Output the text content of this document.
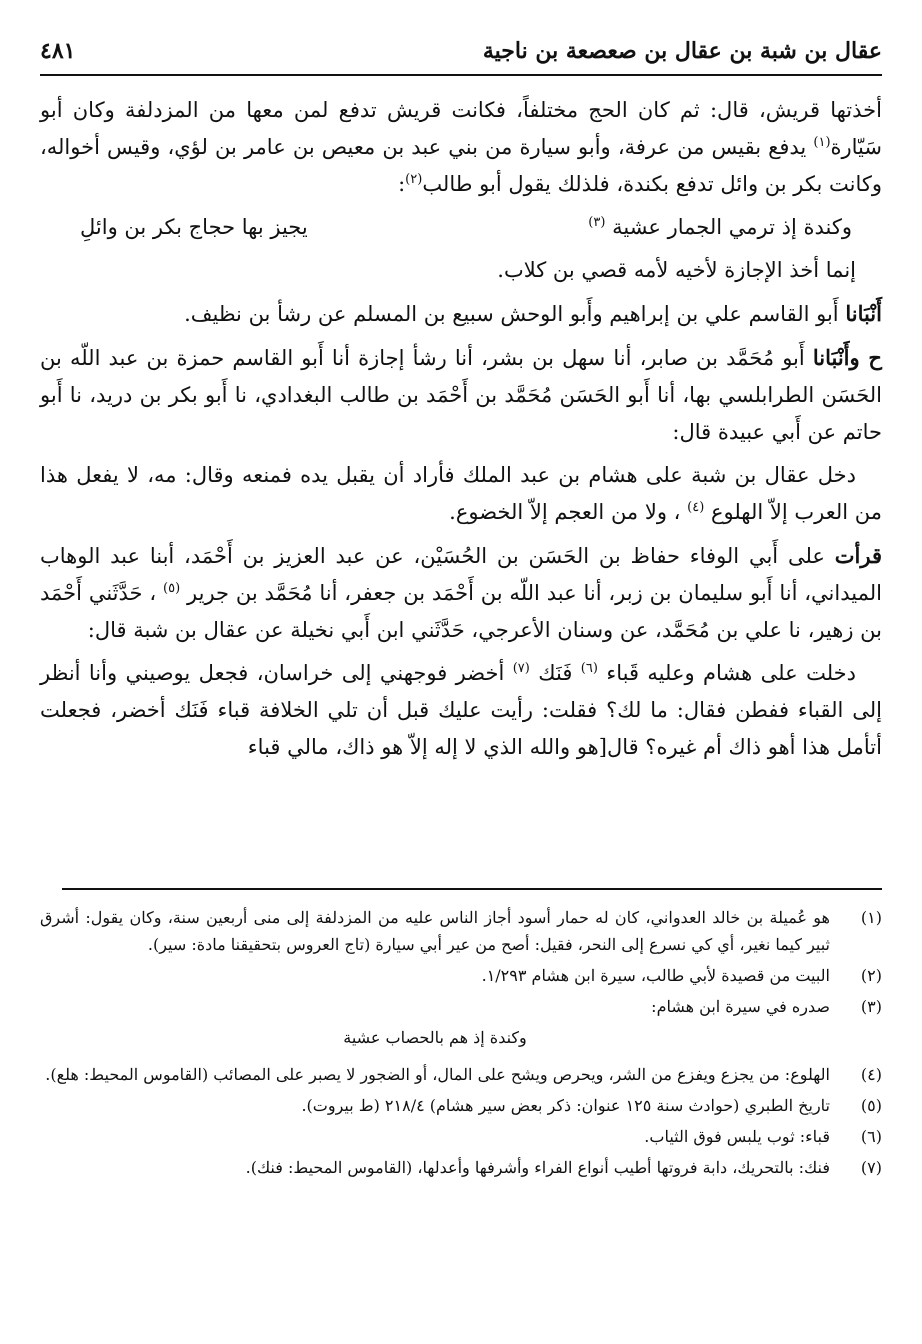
عقال بن شبة بن عقال بن صعصعة بن ناجية
٤٨١

أخذتها قريش، قال: ثم كان الحج مختلفاً، فكانت قريش تدفع لمن معها من المزدلفة وكان أبو سَيّارة$^{(١)}$ يدفع بقيس من عرفة، وأبو سيارة من بني عبد بن معيص بن عامر بن لؤي، وقيس أخواله، وكانت بكر بن وائل تدفع بكندة، فلذلك يقول أبو طالب$^{(٢)}$:

وكندة إذ ترمي الجمار عشية $^{(٣)}$
يجيز بها حجاج بكر بن وائلِ

إنما أخذ الإجازة لأخيه لأمه قصي بن كلاب.

أَنْبَانا أَبو القاسم علي بن إبراهيم وأَبو الوحش سبيع بن المسلم عن رشأ بن نظيف.

ح وأَنْبَانا أَبو مُحَمَّد بن صابر، أنا سهل بن بشر، أنا رشأ إجازة أنا أَبو القاسم حمزة بن عبد اللّه بن الحَسَن الطرابلسي بها، أنا أَبو الحَسَن مُحَمَّد بن أَحْمَد بن طالب البغدادي، نا أَبو بكر بن دريد، نا أَبو حاتم عن أَبي عبيدة قال:

دخل عقال بن شبة على هشام بن عبد الملك فأراد أن يقبل يده فمنعه وقال: مه، لا يفعل هذا من العرب إلاّ الهلوع $^{(٤)}$ ، ولا من العجم إلاّ الخضوع.

قرأت على أَبي الوفاء حفاظ بن الحَسَن بن الحُسَيْن، عن عبد العزيز بن أَحْمَد، أبنا عبد الوهاب الميداني، أنا أَبو سليمان بن زبر، أنا عبد اللّه بن أَحْمَد بن جعفر، أنا مُحَمَّد بن جرير $^{(٥)}$ ، حَدَّثَني أَحْمَد بن زهير، نا علي بن مُحَمَّد، عن وسنان الأعرجي، حَدَّثَني ابن أَبي نخيلة عن عقال بن شبة قال:

دخلت على هشام وعليه قَباء $^{(٦)}$ فَنَك $^{(٧)}$ أخضر فوجهني إلى خراسان، فجعل يوصيني وأنا أنظر إلى القباء ففطن فقال: ما لك؟ فقلت: رأيت عليك قبل أن تلي الخلافة قباء فَنَك أخضر، فجعلت أتأمل هذا أهو ذاك أم غيره؟ قال[هو والله الذي لا إله إلاّ هو ذاك، مالي قباء

(١)
هو عُميلة بن خالد العدواني، كان له حمار أسود أجاز الناس عليه من المزدلفة إلى منى أربعين سنة، وكان يقول: أشرق ثبير كيما نغير، أي كي نسرع إلى النحر، فقيل: أصح من عير أبي سيارة (تاج العروس بتحقيقنا مادة: سير).
(٢)
البيت من قصيدة لأبي طالب، سيرة ابن هشام ١/٢٩٣.
(٣)
صدره في سيرة ابن هشام:
وكندة إذ هم بالحصاب عشية
(٤)
الهلوع: من يجزع ويفزع من الشر، ويحرص ويشح على المال، أو الضجور لا يصبر على المصائب (القاموس المحيط: هلع).
(٥)
تاريخ الطبري (حوادث سنة ١٢٥ عنوان: ذكر بعض سير هشام) ٢١٨/٤ (ط بيروت).
(٦)
قباء: ثوب يلبس فوق الثياب.
(٧)
فنك: بالتحريك، دابة فروتها أطيب أنواع الفراء وأشرفها وأعدلها، (القاموس المحيط: فنك).
